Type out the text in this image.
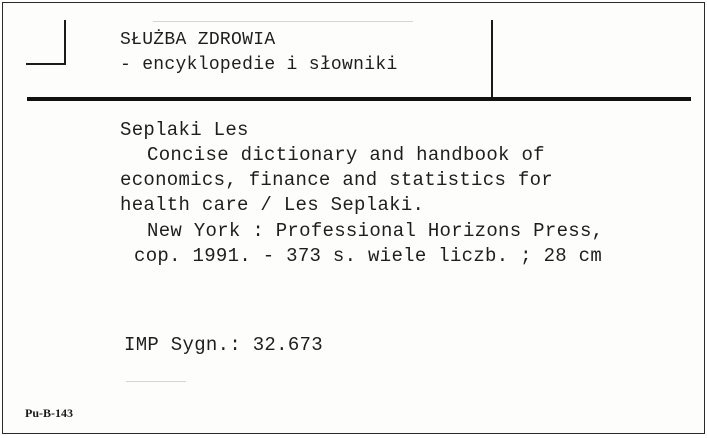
SŁUŻBA ZDROWIA
- encyklopedie i słowniki
Seplaki Les
Concise dictionary and handbook of
economics, finance and statistics for
health care / Les Seplaki.
New York : Professional Horizons Press,
cop. 1991. - 373 s. wiele liczb. ; 28 cm
IMP Sygn.: 32.673
Pu-B-143
